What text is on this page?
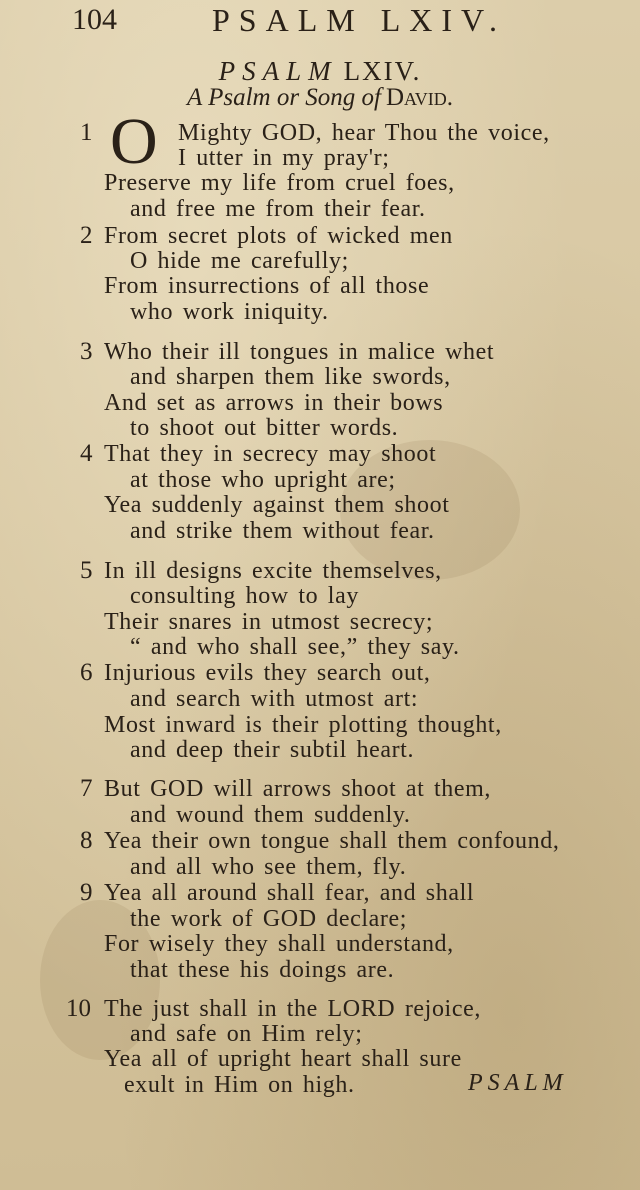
104	PSALM LXIV.
PSALM LXIV.
A Psalm or Song of David.
O
1	Mighty GOD, hear Thou the voice,
I utter in my pray'r;
Preserve my life from cruel foes,
and free me from their fear.
2 From secret plots of wicked men
O hide me carefully;
From insurrections of all those
who work iniquity.
3 Who their ill tongues in malice whet
and sharpen them like swords,
And set as arrows in their bows
to shoot out bitter words.
4 That they in secrecy may shoot
at those who upright are;
Yea suddenly against them shoot
and strike them without fear.
5 In ill designs excite themselves,
consulting how to lay
Their snares in utmost secrecy;
“ and who shall see,” they say.
6 Injurious evils they search out,
and search with utmost art:
Most inward is their plotting thought,
and deep their subtil heart.
7 But GOD will arrows shoot at them,
and wound them suddenly.
8 Yea their own tongue shall them confound,
and all who see them, fly.
9 Yea all around shall fear, and shall
the work of GOD declare;
For wisely they shall understand,
that these his doings are.
10 The just shall in the LORD rejoice,
and safe on Him rely;
Yea all of upright heart shall sure
exult in Him on high.	PSALM
